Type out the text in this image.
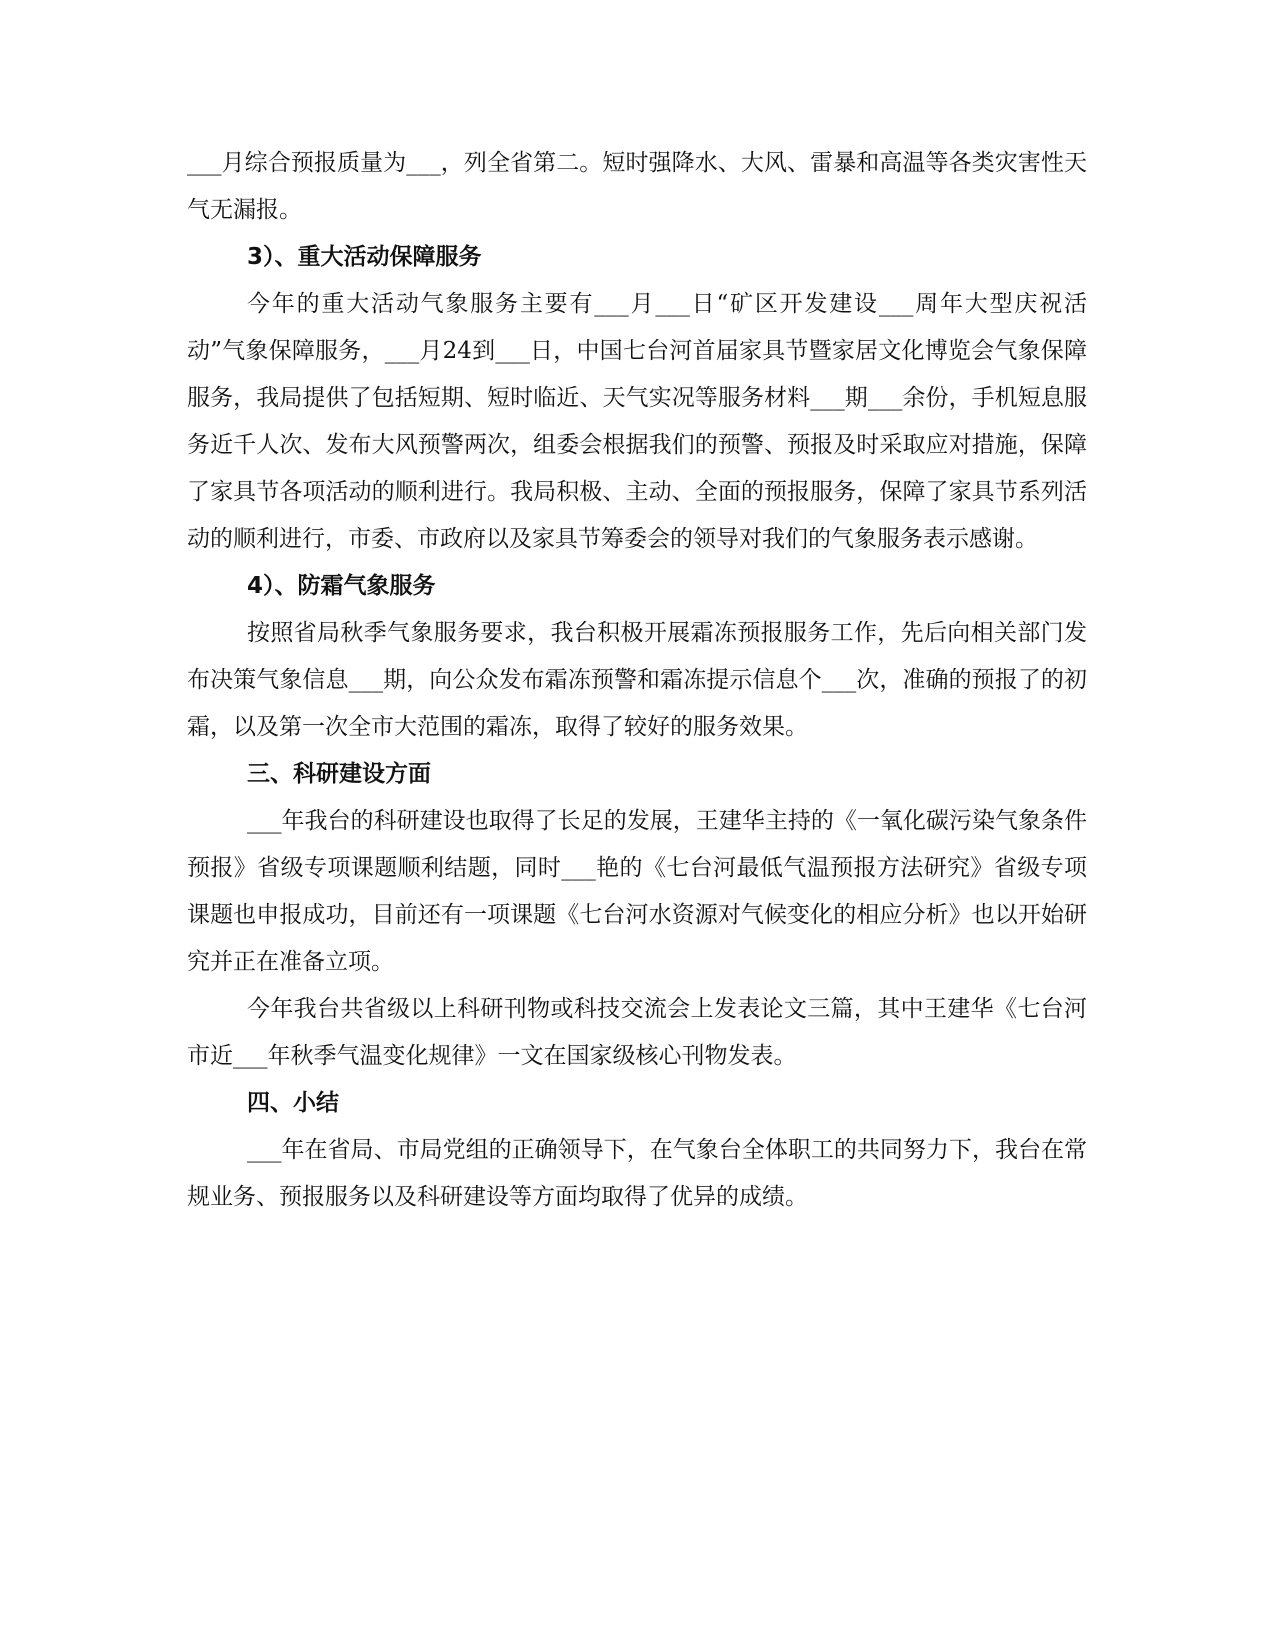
___月综合预报质量为___，列全省第二。短时强降水、大风、雷暴和高温等各类灾害性天气无漏报。

3）、重大活动保障服务

今年的重大活动气象服务主要有___月___日“矿区开发建设___周年大型庆祝活动”气象保障服务，___月24到___日，中国七台河首届家具节暨家居文化博览会气象保障服务，我局提供了包括短期、短时临近、天气实况等服务材料___期___余份，手机短息服务近千人次、发布大风预警两次，组委会根据我们的预警、预报及时采取应对措施，保障了家具节各项活动的顺利进行。我局积极、主动、全面的预报服务，保障了家具节系列活动的顺利进行，市委、市政府以及家具节筹委会的领导对我们的气象服务表示感谢。

4）、防霜气象服务

按照省局秋季气象服务要求，我台积极开展霜冻预报服务工作，先后向相关部门发布决策气象信息___期，向公众发布霜冻预警和霜冻提示信息个___次，准确的预报了的初霜，以及第一次全市大范围的霜冻，取得了较好的服务效果。

三、科研建设方面

___年我台的科研建设也取得了长足的发展，王建华主持的《一氧化碳污染气象条件预报》省级专项课题顺利结题，同时___艳的《七台河最低气温预报方法研究》省级专项课题也申报成功，目前还有一项课题《七台河水资源对气候变化的相应分析》也以开始研究并正在准备立项。

今年我台共省级以上科研刊物或科技交流会上发表论文三篇，其中王建华《七台河市近___年秋季气温变化规律》一文在国家级核心刊物发表。

四、小结

___年在省局、市局党组的正确领导下，在气象台全体职工的共同努力下，我台在常规业务、预报服务以及科研建设等方面均取得了优异的成绩。
